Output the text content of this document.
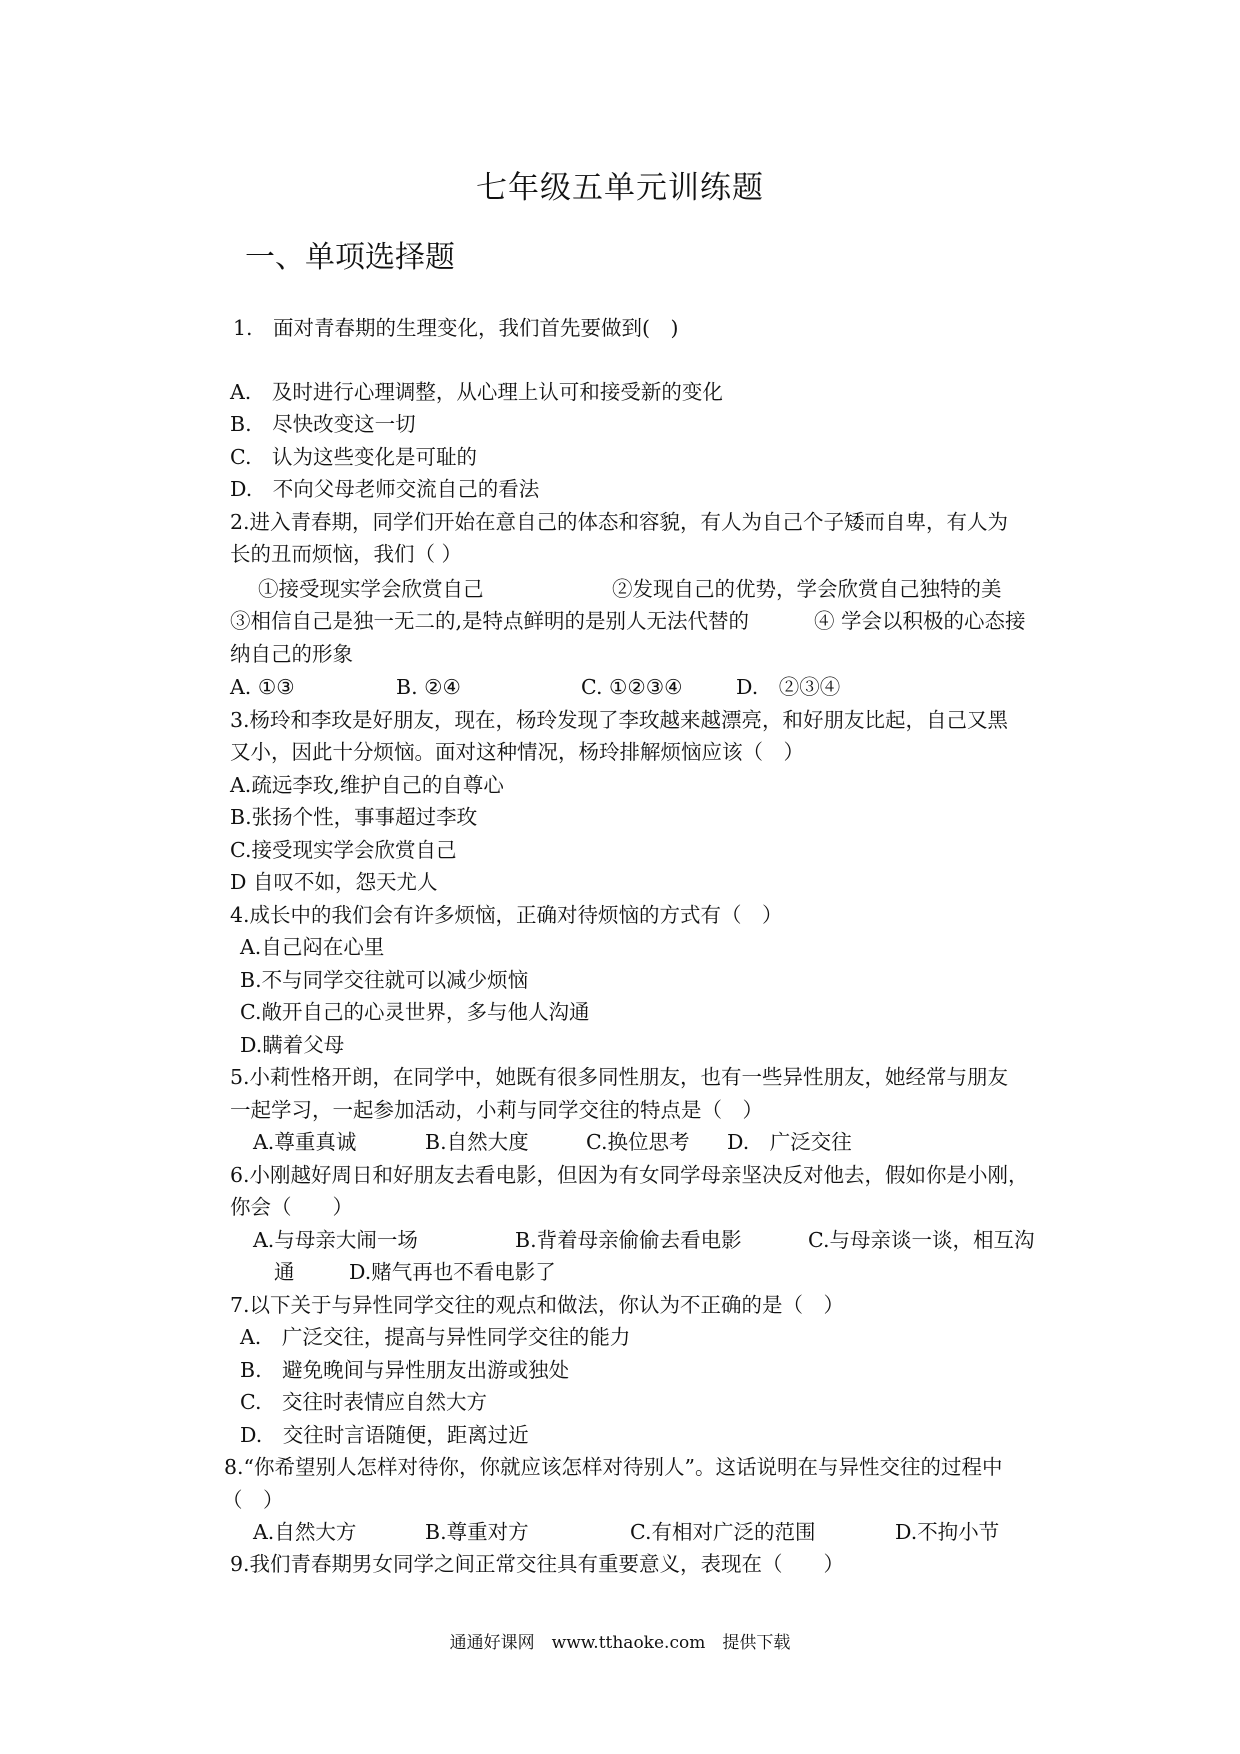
七年级五单元训练题
一、单项选择题
1.　面对青春期的生理变化，我们首先要做到(　)
A.　及时进行心理调整，从心理上认可和接受新的变化
B.　尽快改变这一切
C.　认为这些变化是可耻的
D.　不向父母老师交流自己的看法
2.进入青春期，同学们开始在意自己的体态和容貌，有人为自己个子矮而自卑，有人为
长的丑而烦恼，我们（ ）
①接受现实学会欣赏自己	②发现自己的优势，学会欣赏自己独特的美
③相信自己是独一无二的,是特点鲜明的是别人无法代替的	④ 学会以积极的心态接
纳自己的形象
A. ①③	B. ②④	C. ①②③④	D.　②③④
3.杨玲和李玫是好朋友，现在，杨玲发现了李玫越来越漂亮，和好朋友比起，自己又黑
又小，因此十分烦恼。面对这种情况，杨玲排解烦恼应该（　）
A.疏远李玫,维护自己的自尊心
B.张扬个性，事事超过李玫
C.接受现实学会欣赏自己
D 自叹不如，怨天尤人
4.成长中的我们会有许多烦恼，正确对待烦恼的方式有（　）
A.自己闷在心里
B.不与同学交往就可以减少烦恼
C.敞开自己的心灵世界，多与他人沟通
D.瞒着父母
5.小莉性格开朗，在同学中，她既有很多同性朋友，也有一些异性朋友，她经常与朋友
一起学习，一起参加活动，小莉与同学交往的特点是（　）
A.尊重真诚	B.自然大度	C.换位思考 D.　广泛交往
6.小刚越好周日和好朋友去看电影，但因为有女同学母亲坚决反对他去，假如你是小刚，
你会（　　）
A.与母亲大闹一场	B.背着母亲偷偷去看电影	C.与母亲谈一谈，相互沟
通	D.赌气再也不看电影了
7.以下关于与异性同学交往的观点和做法，你认为不正确的是（　）
A.　广泛交往，提高与异性同学交往的能力
B.　避免晚间与异性朋友出游或独处
C.　交往时表情应自然大方
D.　交往时言语随便，距离过近
8.“你希望别人怎样对待你，你就应该怎样对待别人”。这话说明在与异性交往的过程中
（　）
A.自然大方	B.尊重对方	C.有相对广泛的范围	D.不拘小节
9.我们青春期男女同学之间正常交往具有重要意义，表现在（　　）
通通好课网　www.tthaoke.com　提供下载
